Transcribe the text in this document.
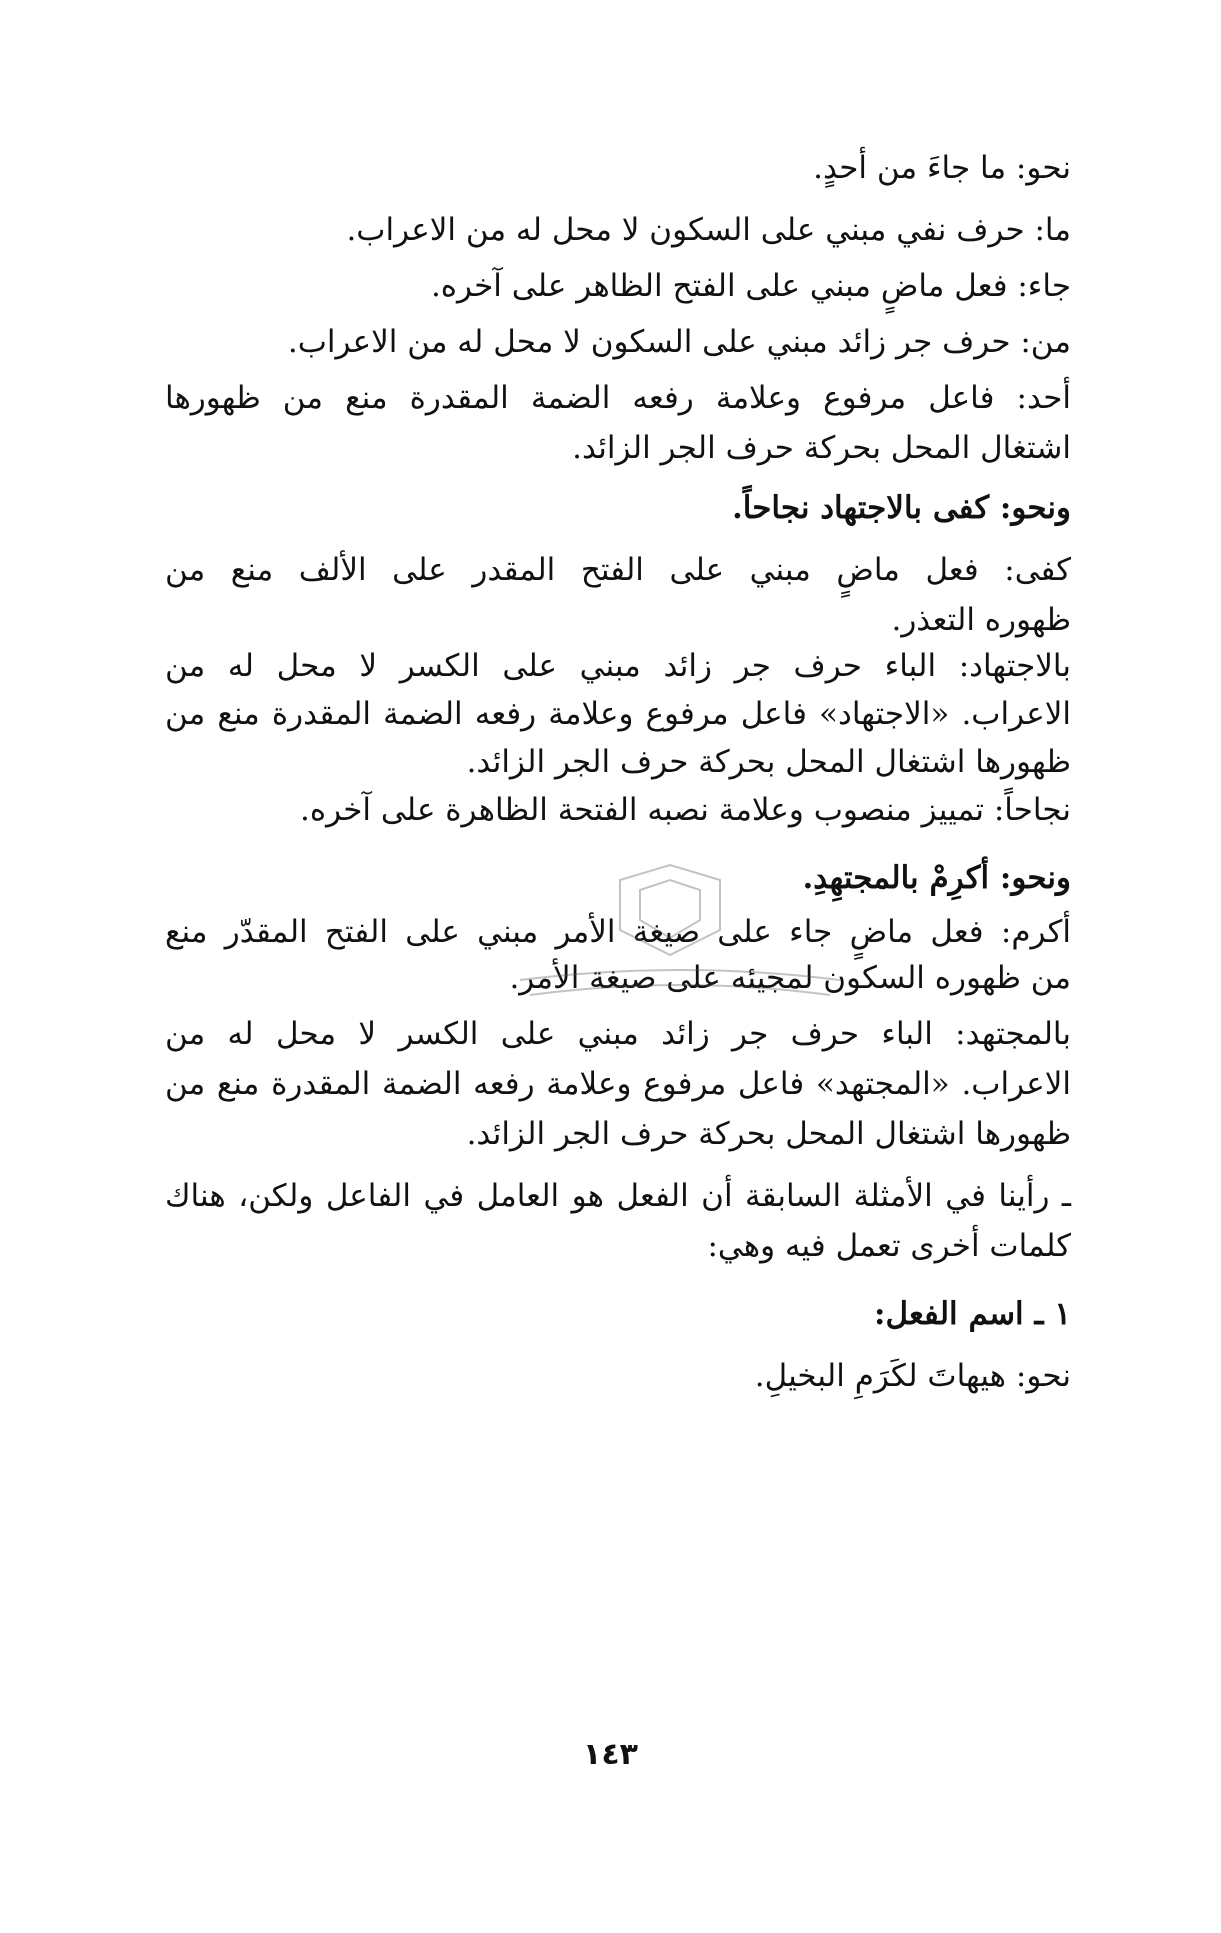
نحو: ما جاءَ من أحدٍ.
ما: حرف نفي مبني على السكون لا محل له من الاعراب.
جاء: فعل ماضٍ مبني على الفتح الظاهر على آخره.
من: حرف جر زائد مبني على السكون لا محل له من الاعراب.
أحد: فاعل مرفوع وعلامة رفعه الضمة المقدرة منع من ظهورها
اشتغال المحل بحركة حرف الجر الزائد.
ونحو: كفى بالاجتهاد نجاحاً.
كفى: فعل ماضٍ مبني على الفتح المقدر على الألف منع من
ظهوره التعذر.
بالاجتهاد: الباء حرف جر زائد مبني على الكسر لا محل له من
الاعراب. «الاجتهاد» فاعل مرفوع وعلامة رفعه الضمة المقدرة منع من
ظهورها اشتغال المحل بحركة حرف الجر الزائد.
نجاحاً: تمييز منصوب وعلامة نصبه الفتحة الظاهرة على آخره.
ونحو: أكرِمْ بالمجتهِدِ.
أكرم: فعل ماضٍ جاء على صيغة الأمر مبني على الفتح المقدّر منع
من ظهوره السكون لمجيئه على صيغة الأمر.
بالمجتهد: الباء حرف جر زائد مبني على الكسر لا محل له من
الاعراب. «المجتهد» فاعل مرفوع وعلامة رفعه الضمة المقدرة منع من
ظهورها اشتغال المحل بحركة حرف الجر الزائد.
ـ رأينا في الأمثلة السابقة أن الفعل هو العامل في الفاعل ولكن، هناك
كلمات أخرى تعمل فيه وهي:
١ ـ اسم الفعل:
نحو: هيهاتَ لكَرَمِ البخيلِ.
١٤٣
